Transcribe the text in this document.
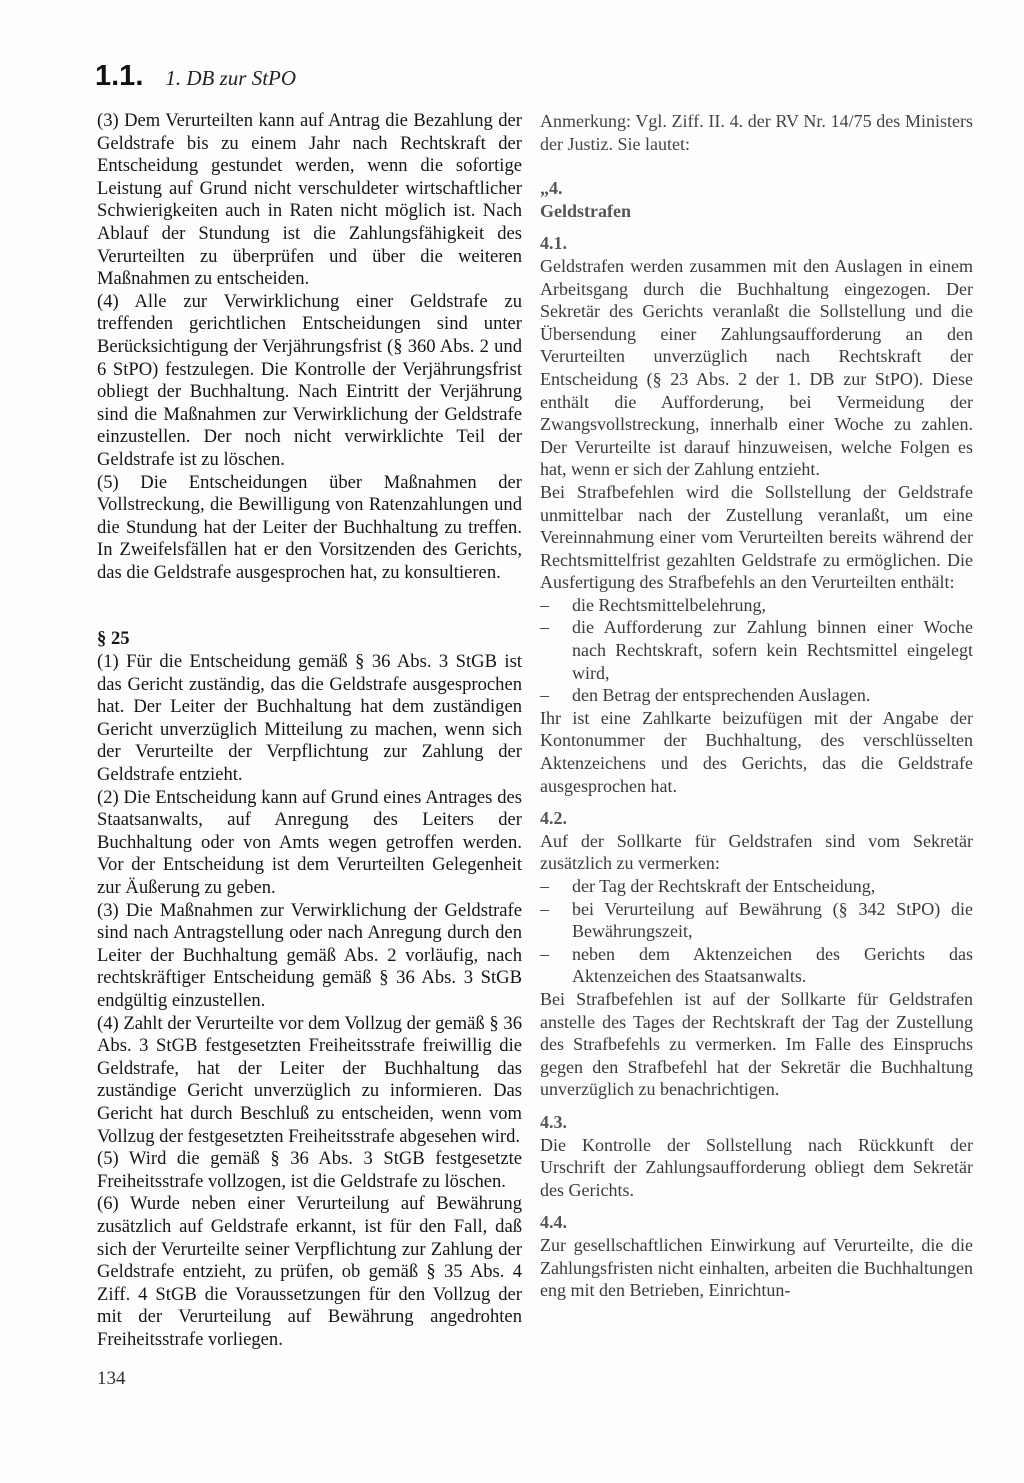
1.1. 1. DB zur StPO

(3) Dem Verurteilten kann auf Antrag die Bezahlung der Geldstrafe bis zu einem Jahr nach Rechtskraft der Entscheidung gestundet werden, wenn die sofortige Leistung auf Grund nicht verschuldeter wirtschaftlicher Schwierigkeiten auch in Raten nicht möglich ist. Nach Ablauf der Stundung ist die Zahlungsfähigkeit des Verurteilten zu überprüfen und über die weiteren Maßnahmen zu entscheiden.

(4) Alle zur Verwirklichung einer Geldstrafe zu treffenden gerichtlichen Entscheidungen sind unter Berücksichtigung der Verjährungsfrist (§ 360 Abs. 2 und 6 StPO) festzulegen. Die Kontrolle der Verjährungsfrist obliegt der Buchhaltung. Nach Eintritt der Verjährung sind die Maßnahmen zur Verwirklichung der Geldstrafe einzustellen. Der noch nicht verwirklichte Teil der Geldstrafe ist zu löschen.

(5) Die Entscheidungen über Maßnahmen der Vollstreckung, die Bewilligung von Ratenzahlungen und die Stundung hat der Leiter der Buchhaltung zu treffen. In Zweifelsfällen hat er den Vorsitzenden des Gerichts, das die Geldstrafe ausgesprochen hat, zu konsultieren.

§ 25

(1) Für die Entscheidung gemäß § 36 Abs. 3 StGB ist das Gericht zuständig, das die Geldstrafe ausgesprochen hat. Der Leiter der Buchhaltung hat dem zuständigen Gericht unverzüglich Mitteilung zu machen, wenn sich der Verurteilte der Verpflichtung zur Zahlung der Geldstrafe entzieht.

(2) Die Entscheidung kann auf Grund eines Antrages des Staatsanwalts, auf Anregung des Leiters der Buchhaltung oder von Amts wegen getroffen werden. Vor der Entscheidung ist dem Verurteilten Gelegenheit zur Äußerung zu geben.

(3) Die Maßnahmen zur Verwirklichung der Geldstrafe sind nach Antragstellung oder nach Anregung durch den Leiter der Buchhaltung gemäß Abs. 2 vorläufig, nach rechtskräftiger Entscheidung gemäß § 36 Abs. 3 StGB endgültig einzustellen.

(4) Zahlt der Verurteilte vor dem Vollzug der gemäß § 36 Abs. 3 StGB festgesetzten Freiheitsstrafe freiwillig die Geldstrafe, hat der Leiter der Buchhaltung das zuständige Gericht unverzüglich zu informieren. Das Gericht hat durch Beschluß zu entscheiden, wenn vom Vollzug der festgesetzten Freiheitsstrafe abgesehen wird.

(5) Wird die gemäß § 36 Abs. 3 StGB festgesetzte Freiheitsstrafe vollzogen, ist die Geldstrafe zu löschen.

(6) Wurde neben einer Verurteilung auf Bewährung zusätzlich auf Geldstrafe erkannt, ist für den Fall, daß sich der Verurteilte seiner Verpflichtung zur Zahlung der Geldstrafe entzieht, zu prüfen, ob gemäß § 35 Abs. 4 Ziff. 4 StGB die Voraussetzungen für den Vollzug der mit der Verurteilung auf Bewährung angedrohten Freiheitsstrafe vorliegen.

Anmerkung: Vgl. Ziff. II. 4. der RV Nr. 14/75 des Ministers der Justiz. Sie lautet:

„4.

Geldstrafen

4.1.

Geldstrafen werden zusammen mit den Auslagen in einem Arbeitsgang durch die Buchhaltung eingezogen. Der Sekretär des Gerichts veranlaßt die Sollstellung und die Übersendung einer Zahlungsaufforderung an den Verurteilten unverzüglich nach Rechtskraft der Entscheidung (§ 23 Abs. 2 der 1. DB zur StPO). Diese enthält die Aufforderung, bei Vermeidung der Zwangsvollstreckung, innerhalb einer Woche zu zahlen. Der Verurteilte ist darauf hinzuweisen, welche Folgen es hat, wenn er sich der Zahlung entzieht.

Bei Strafbefehlen wird die Sollstellung der Geldstrafe unmittelbar nach der Zustellung veranlaßt, um eine Vereinnahmung einer vom Verurteilten bereits während der Rechtsmittelfrist gezahlten Geldstrafe zu ermöglichen. Die Ausfertigung des Strafbefehls an den Verurteilten enthält:

– die Rechtsmittelbelehrung,
– die Aufforderung zur Zahlung binnen einer Woche nach Rechtskraft, sofern kein Rechtsmittel eingelegt wird,
– den Betrag der entsprechenden Auslagen.

Ihr ist eine Zahlkarte beizufügen mit der Angabe der Kontonummer der Buchhaltung, des verschlüsselten Aktenzeichens und des Gerichts, das die Geldstrafe ausgesprochen hat.

4.2.

Auf der Sollkarte für Geldstrafen sind vom Sekretär zusätzlich zu vermerken:

– der Tag der Rechtskraft der Entscheidung,
– bei Verurteilung auf Bewährung (§ 342 StPO) die Bewährungszeit,
– neben dem Aktenzeichen des Gerichts das Aktenzeichen des Staatsanwalts.

Bei Strafbefehlen ist auf der Sollkarte für Geldstrafen anstelle des Tages der Rechtskraft der Tag der Zustellung des Strafbefehls zu vermerken. Im Falle des Einspruchs gegen den Strafbefehl hat der Sekretär die Buchhaltung unverzüglich zu benachrichtigen.

4.3.

Die Kontrolle der Sollstellung nach Rückkunft der Urschrift der Zahlungsaufforderung obliegt dem Sekretär des Gerichts.

4.4.

Zur gesellschaftlichen Einwirkung auf Verurteilte, die die Zahlungsfristen nicht einhalten, arbeiten die Buchhaltungen eng mit den Betrieben, Einrichtun-

134
